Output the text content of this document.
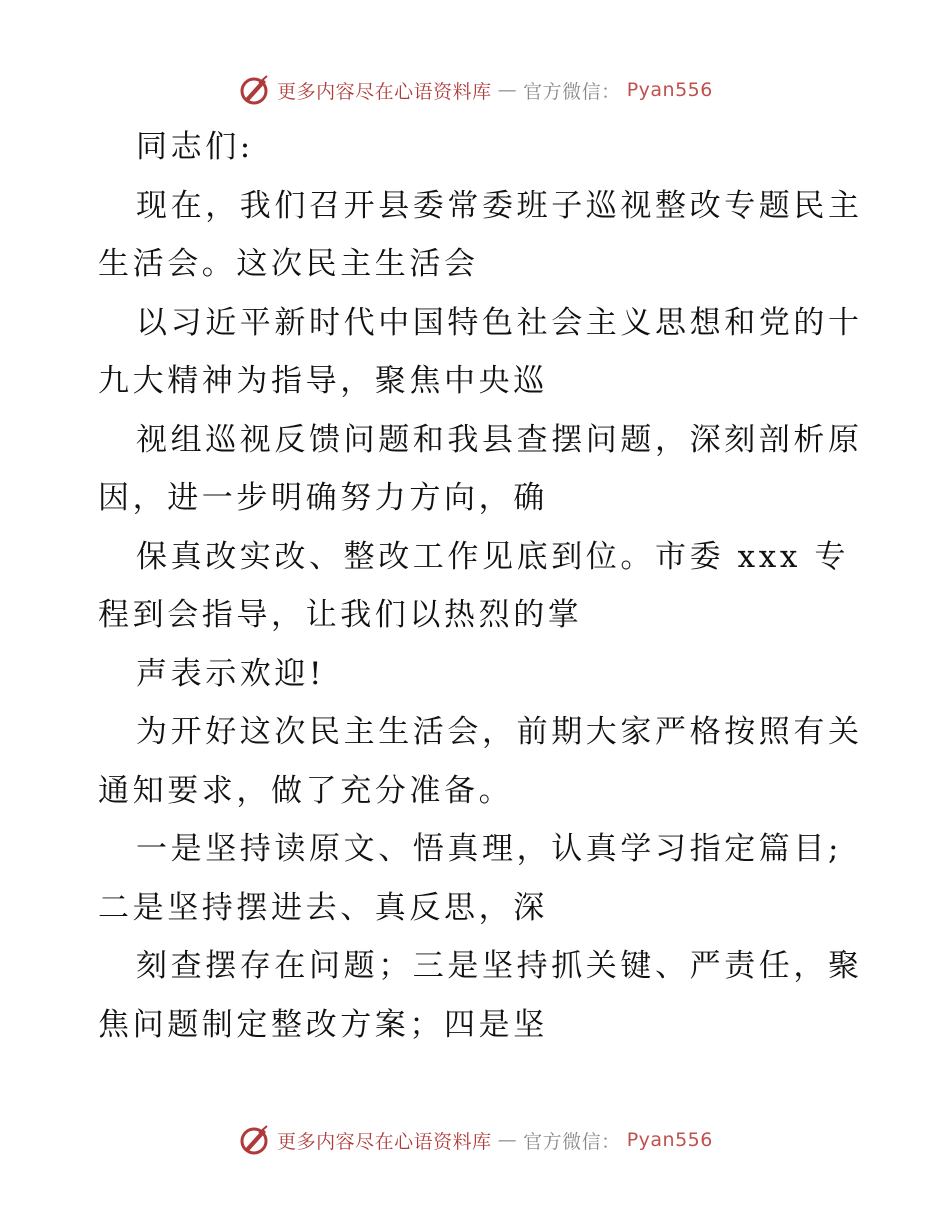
更多内容尽在心语资料库 — 官方微信： Pyan556
同志们:
现在，我们召开县委常委班子巡视整改专题民主
生活会。这次民主生活会
以习近平新时代中国特色社会主义思想和党的十
九大精神为指导，聚焦中央巡
视组巡视反馈问题和我县查摆问题，深刻剖析原
因，进一步明确努力方向，确
保真改实改、整改工作见底到位。市委 xxx 专
程到会指导，让我们以热烈的掌
声表示欢迎!
为开好这次民主生活会，前期大家严格按照有关
通知要求，做了充分准备。
一是坚持读原文、悟真理，认真学习指定篇目;
二是坚持摆进去、真反思，深
刻查摆存在问题；三是坚持抓关键、严责任，聚
焦问题制定整改方案；四是坚
更多内容尽在心语资料库 — 官方微信： Pyan556
